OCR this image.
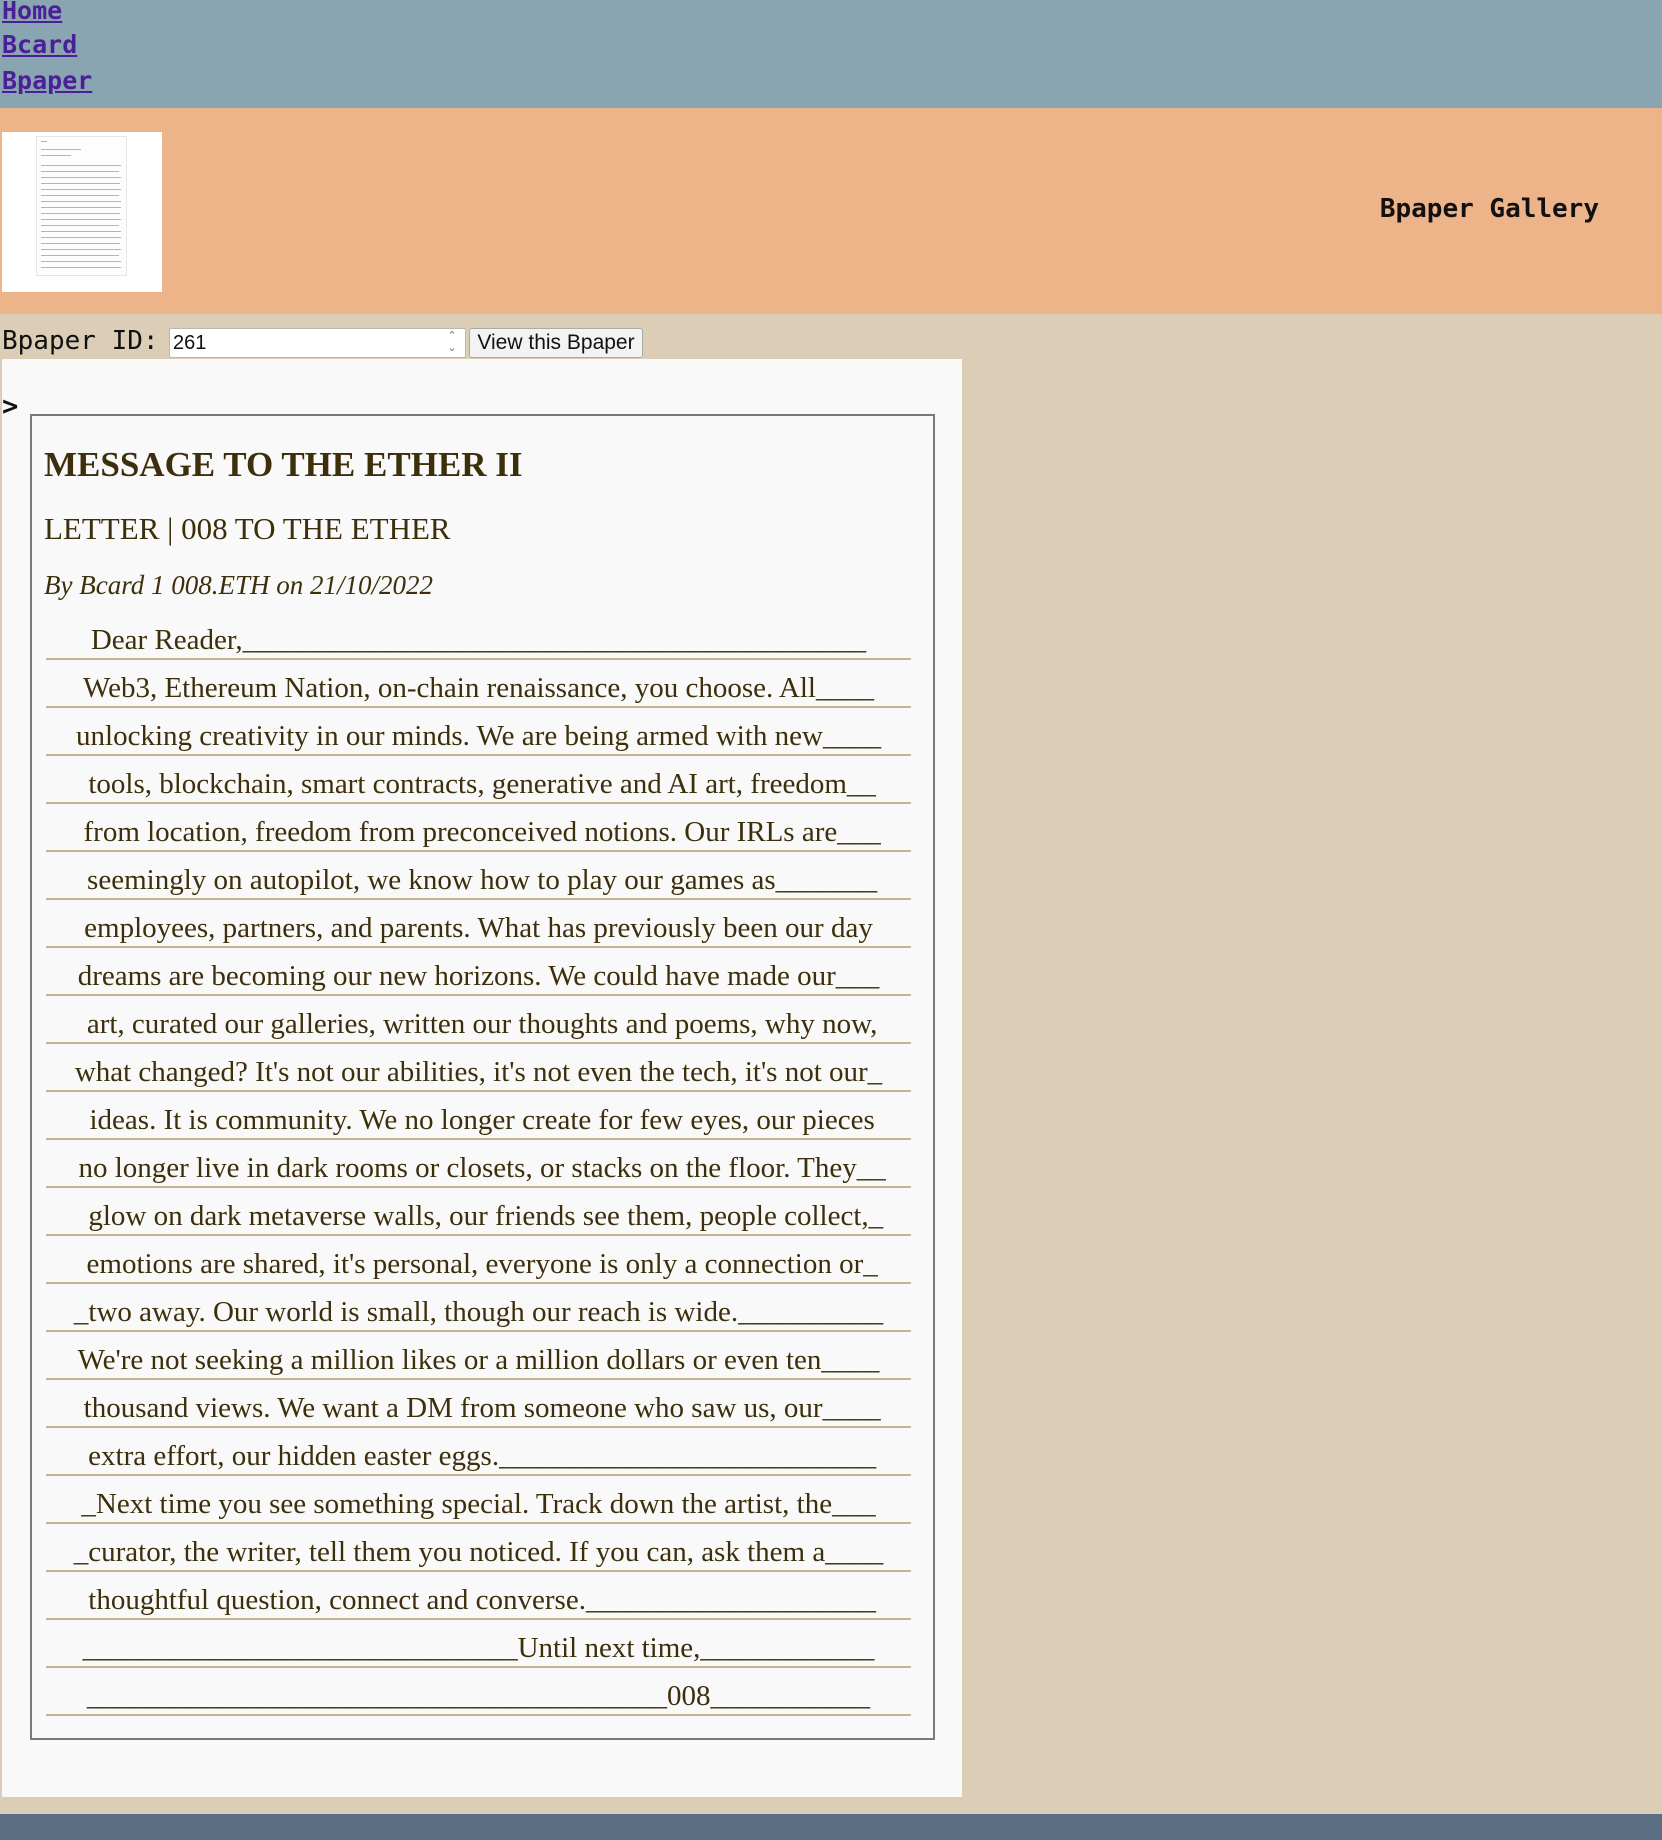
Home
Bcard
Bpaper
Bpaper Gallery
Bpaper ID:
261	⌃
⌄ View this Bpaper
>
MESSAGE TO THE ETHER II
LETTER | 008 TO THE ETHER
By Bcard 1 008.ETH on 21/10/2022
Dear Reader,___________________________________________
Web3, Ethereum Nation, on-chain renaissance, you choose. All____
unlocking creativity in our minds. We are being armed with new____
tools, blockchain, smart contracts, generative and AI art, freedom__
from location, freedom from preconceived notions. Our IRLs are___
seemingly on autopilot, we know how to play our games as_______
employees, partners, and parents. What has previously been our day
dreams are becoming our new horizons. We could have made our___
art, curated our galleries, written our thoughts and poems, why now,
what changed? It's not our abilities, it's not even the tech, it's not our_
ideas. It is community. We no longer create for few eyes, our pieces
no longer live in dark rooms or closets, or stacks on the floor. They__
glow on dark metaverse walls, our friends see them, people collect,_
emotions are shared, it's personal, everyone is only a connection or_
_two away. Our world is small, though our reach is wide.__________
We're not seeking a million likes or a million dollars or even ten____
thousand views. We want a DM from someone who saw us, our____
extra effort, our hidden easter eggs.__________________________
_Next time you see something special. Track down the artist, the___
_curator, the writer, tell them you noticed. If you can, ask them a____
thoughtful question, connect and converse.____________________
______________________________Until next time,____________
________________________________________008___________
